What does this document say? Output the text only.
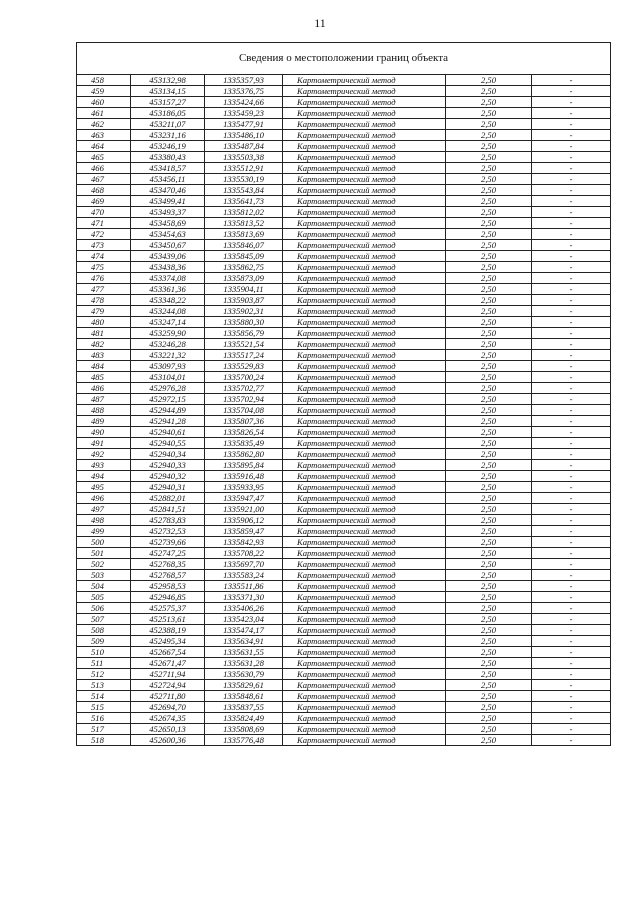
11
Сведения о местоположении границ объекта					
458	453132,98	1335357,93	Картометрический метод	2,50	-
459	453134,15	1335376,75	Картометрический метод	2,50	-
460	453157,27	1335424,66	Картометрический метод	2,50	-
461	453186,05	1335459,23	Картометрический метод	2,50	-
462	453211,07	1335477,91	Картометрический метод	2,50	-
463	453231,16	1335486,10	Картометрический метод	2,50	-
464	453246,19	1335487,84	Картометрический метод	2,50	-
465	453380,43	1335503,38	Картометрический метод	2,50	-
466	453418,57	1335512,91	Картометрический метод	2,50	-
467	453456,11	1335530,19	Картометрический метод	2,50	-
468	453470,46	1335543,84	Картометрический метод	2,50	-
469	453499,41	1335641,73	Картометрический метод	2,50	-
470	453493,37	1335812,02	Картометрический метод	2,50	-
471	453458,69	1335813,52	Картометрический метод	2,50	-
472	453454,63	1335813,69	Картометрический метод	2,50	-
473	453450,67	1335846,07	Картометрический метод	2,50	-
474	453439,06	1335845,09	Картометрический метод	2,50	-
475	453438,36	1335862,75	Картометрический метод	2,50	-
476	453374,08	1335873,09	Картометрический метод	2,50	-
477	453361,36	1335904,11	Картометрический метод	2,50	-
478	453348,22	1335903,87	Картометрический метод	2,50	-
479	453244,08	1335902,31	Картометрический метод	2,50	-
480	453247,14	1335880,30	Картометрический метод	2,50	-
481	453259,90	1335856,79	Картометрический метод	2,50	-
482	453246,28	1335521,54	Картометрический метод	2,50	-
483	453221,32	1335517,24	Картометрический метод	2,50	-
484	453097,93	1335529,83	Картометрический метод	2,50	-
485	453104,01	1335700,24	Картометрический метод	2,50	-
486	452976,28	1335702,77	Картометрический метод	2,50	-
487	452972,15	1335702,94	Картометрический метод	2,50	-
488	452944,89	1335704,08	Картометрический метод	2,50	-
489	452941,28	1335807,36	Картометрический метод	2,50	-
490	452940,61	1335826,54	Картометрический метод	2,50	-
491	452940,55	1335835,49	Картометрический метод	2,50	-
492	452940,34	1335862,80	Картометрический метод	2,50	-
493	452940,33	1335895,84	Картометрический метод	2,50	-
494	452940,32	1335916,48	Картометрический метод	2,50	-
495	452940,31	1335933,95	Картометрический метод	2,50	-
496	452882,01	1335947,47	Картометрический метод	2,50	-
497	452841,51	1335921,00	Картометрический метод	2,50	-
498	452783,83	1335906,12	Картометрический метод	2,50	-
499	452732,53	1335859,47	Картометрический метод	2,50	-
500	452739,66	1335842,93	Картометрический метод	2,50	-
501	452747,25	1335708,22	Картометрический метод	2,50	-
502	452768,35	1335697,70	Картометрический метод	2,50	-
503	452768,57	1335583,24	Картометрический метод	2,50	-
504	452958,53	1335511,86	Картометрический метод	2,50	-
505	452946,85	1335371,30	Картометрический метод	2,50	-
506	452575,37	1335406,26	Картометрический метод	2,50	-
507	452513,61	1335423,04	Картометрический метод	2,50	-
508	452388,19	1335474,17	Картометрический метод	2,50	-
509	452495,34	1335634,91	Картометрический метод	2,50	-
510	452667,54	1335631,55	Картометрический метод	2,50	-
511	452671,47	1335631,28	Картометрический метод	2,50	-
512	452711,94	1335630,79	Картометрический метод	2,50	-
513	452724,94	1335829,61	Картометрический метод	2,50	-
514	452711,80	1335848,61	Картометрический метод	2,50	-
515	452694,70	1335837,55	Картометрический метод	2,50	-
516	452674,35	1335824,49	Картометрический метод	2,50	-
517	452650,13	1335808,69	Картометрический метод	2,50	-
518	452600,36	1335776,48	Картометрический метод	2,50	-
